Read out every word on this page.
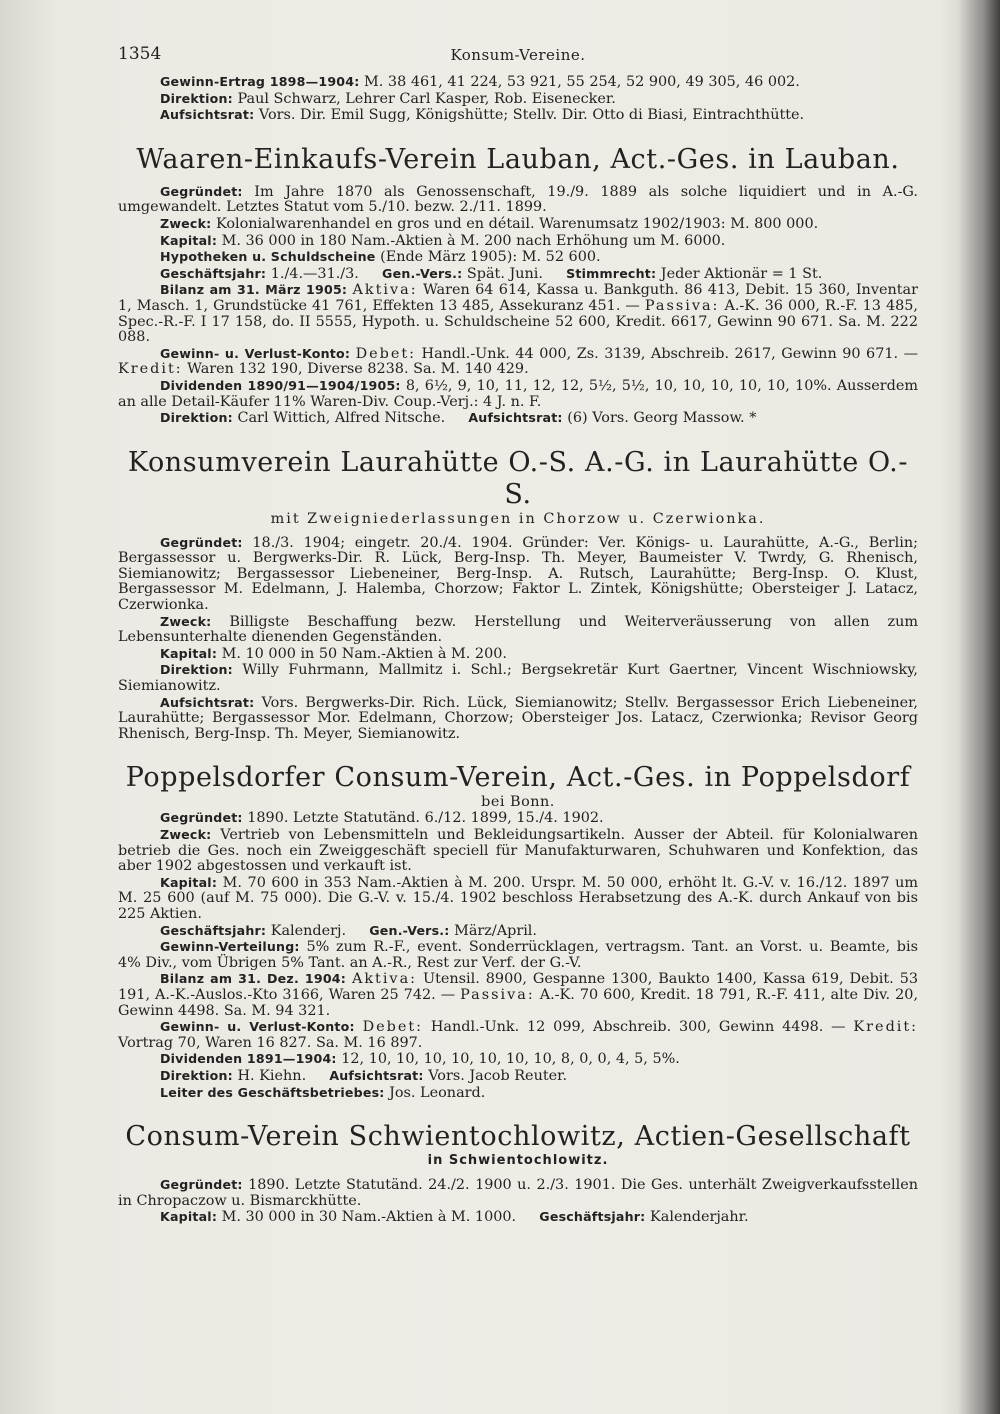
1354	Konsum-Vereine.

Gewinn-Ertrag 1898—1904: M. 38 461, 41 224, 53 921, 55 254, 52 900, 49 305, 46 002.

Direktion: Paul Schwarz, Lehrer Carl Kasper, Rob. Eisenecker.

Aufsichtsrat: Vors. Dir. Emil Sugg, Königshütte; Stellv. Dir. Otto di Biasi, Eintrachthütte.

Waaren-Einkaufs-Verein Lauban, Act.-Ges. in Lauban.

Gegründet: Im Jahre 1870 als Genossenschaft, 19./9. 1889 als solche liquidiert und in A.-G. umgewandelt. Letztes Statut vom 5./10. bezw. 2./11. 1899.

Zweck: Kolonialwarenhandel en gros und en détail. Warenumsatz 1902/1903: M. 800 000.

Kapital: M. 36 000 in 180 Nam.-Aktien à M. 200 nach Erhöhung um M. 6000.

Hypotheken u. Schuldscheine (Ende März 1905): M. 52 600.

Geschäftsjahr: 1./4.—31./3. Gen.-Vers.: Spät. Juni. Stimmrecht: Jeder Aktionär = 1 St.

Bilanz am 31. März 1905: Aktiva: Waren 64 614, Kassa u. Bankguth. 86 413, Debit. 15 360, Inventar 1, Masch. 1, Grundstücke 41 761, Effekten 13 485, Assekuranz 451. — Passiva: A.-K. 36 000, R.-F. 13 485, Spec.-R.-F. I 17 158, do. II 5555, Hypoth. u. Schuldscheine 52 600, Kredit. 6617, Gewinn 90 671. Sa. M. 222 088.

Gewinn- u. Verlust-Konto: Debet: Handl.-Unk. 44 000, Zs. 3139, Abschreib. 2617, Gewinn 90 671. — Kredit: Waren 132 190, Diverse 8238. Sa. M. 140 429.

Dividenden 1890/91—1904/1905: 8, 6½, 9, 10, 11, 12, 12, 5½, 5½, 10, 10, 10, 10, 10, 10%. Ausserdem an alle Detail-Käufer 11% Waren-Div. Coup.-Verj.: 4 J. n. F.

Direktion: Carl Wittich, Alfred Nitsche. Aufsichtsrat: (6) Vors. Georg Massow. *

Konsumverein Laurahütte O.-S. A.-G. in Laurahütte O.-S.
mit Zweigniederlassungen in Chorzow u. Czerwionka.

Gegründet: 18./3. 1904; eingetr. 20./4. 1904. Gründer: Ver. Königs- u. Laurahütte, A.-G., Berlin; Bergassessor u. Bergwerks-Dir. R. Lück, Berg-Insp. Th. Meyer, Baumeister V. Twrdy, G. Rhenisch, Siemianowitz; Bergassessor Liebeneiner, Berg-Insp. A. Rutsch, Laurahütte; Berg-Insp. O. Klust, Bergassessor M. Edelmann, J. Halemba, Chorzow; Faktor L. Zintek, Königshütte; Obersteiger J. Latacz, Czerwionka.

Zweck: Billigste Beschaffung bezw. Herstellung und Weiterveräusserung von allen zum Lebensunterhalte dienenden Gegenständen.

Kapital: M. 10 000 in 50 Nam.-Aktien à M. 200.

Direktion: Willy Fuhrmann, Mallmitz i. Schl.; Bergsekretär Kurt Gaertner, Vincent Wischniowsky, Siemianowitz.

Aufsichtsrat: Vors. Bergwerks-Dir. Rich. Lück, Siemianowitz; Stellv. Bergassessor Erich Liebeneiner, Laurahütte; Bergassessor Mor. Edelmann, Chorzow; Obersteiger Jos. Latacz, Czerwionka; Revisor Georg Rhenisch, Berg-Insp. Th. Meyer, Siemianowitz.

Poppelsdorfer Consum-Verein, Act.-Ges. in Poppelsdorf
bei Bonn.

Gegründet: 1890. Letzte Statutänd. 6./12. 1899, 15./4. 1902.

Zweck: Vertrieb von Lebensmitteln und Bekleidungsartikeln. Ausser der Abteil. für Kolonialwaren betrieb die Ges. noch ein Zweiggeschäft speciell für Manufakturwaren, Schuhwaren und Konfektion, das aber 1902 abgestossen und verkauft ist.

Kapital: M. 70 600 in 353 Nam.-Aktien à M. 200. Urspr. M. 50 000, erhöht lt. G.-V. v. 16./12. 1897 um M. 25 600 (auf M. 75 000). Die G.-V. v. 15./4. 1902 beschloss Herabsetzung des A.-K. durch Ankauf von bis 225 Aktien.

Geschäftsjahr: Kalenderj. Gen.-Vers.: März/April.

Gewinn-Verteilung: 5% zum R.-F., event. Sonderrücklagen, vertragsm. Tant. an Vorst. u. Beamte, bis 4% Div., vom Übrigen 5% Tant. an A.-R., Rest zur Verf. der G.-V.

Bilanz am 31. Dez. 1904: Aktiva: Utensil. 8900, Gespanne 1300, Baukto 1400, Kassa 619, Debit. 53 191, A.-K.-Auslos.-Kto 3166, Waren 25 742. — Passiva: A.-K. 70 600, Kredit. 18 791, R.-F. 411, alte Div. 20, Gewinn 4498. Sa. M. 94 321.

Gewinn- u. Verlust-Konto: Debet: Handl.-Unk. 12 099, Abschreib. 300, Gewinn 4498. — Kredit: Vortrag 70, Waren 16 827. Sa. M. 16 897.

Dividenden 1891—1904: 12, 10, 10, 10, 10, 10, 10, 10, 8, 0, 0, 4, 5, 5%.

Direktion: H. Kiehn. Aufsichtsrat: Vors. Jacob Reuter.

Leiter des Geschäftsbetriebes: Jos. Leonard.

Consum-Verein Schwientochlowitz, Actien-Gesellschaft
in Schwientochlowitz.

Gegründet: 1890. Letzte Statutänd. 24./2. 1900 u. 2./3. 1901. Die Ges. unterhält Zweigverkaufsstellen in Chropaczow u. Bismarckhütte.

Kapital: M. 30 000 in 30 Nam.-Aktien à M. 1000. Geschäftsjahr: Kalenderjahr.
